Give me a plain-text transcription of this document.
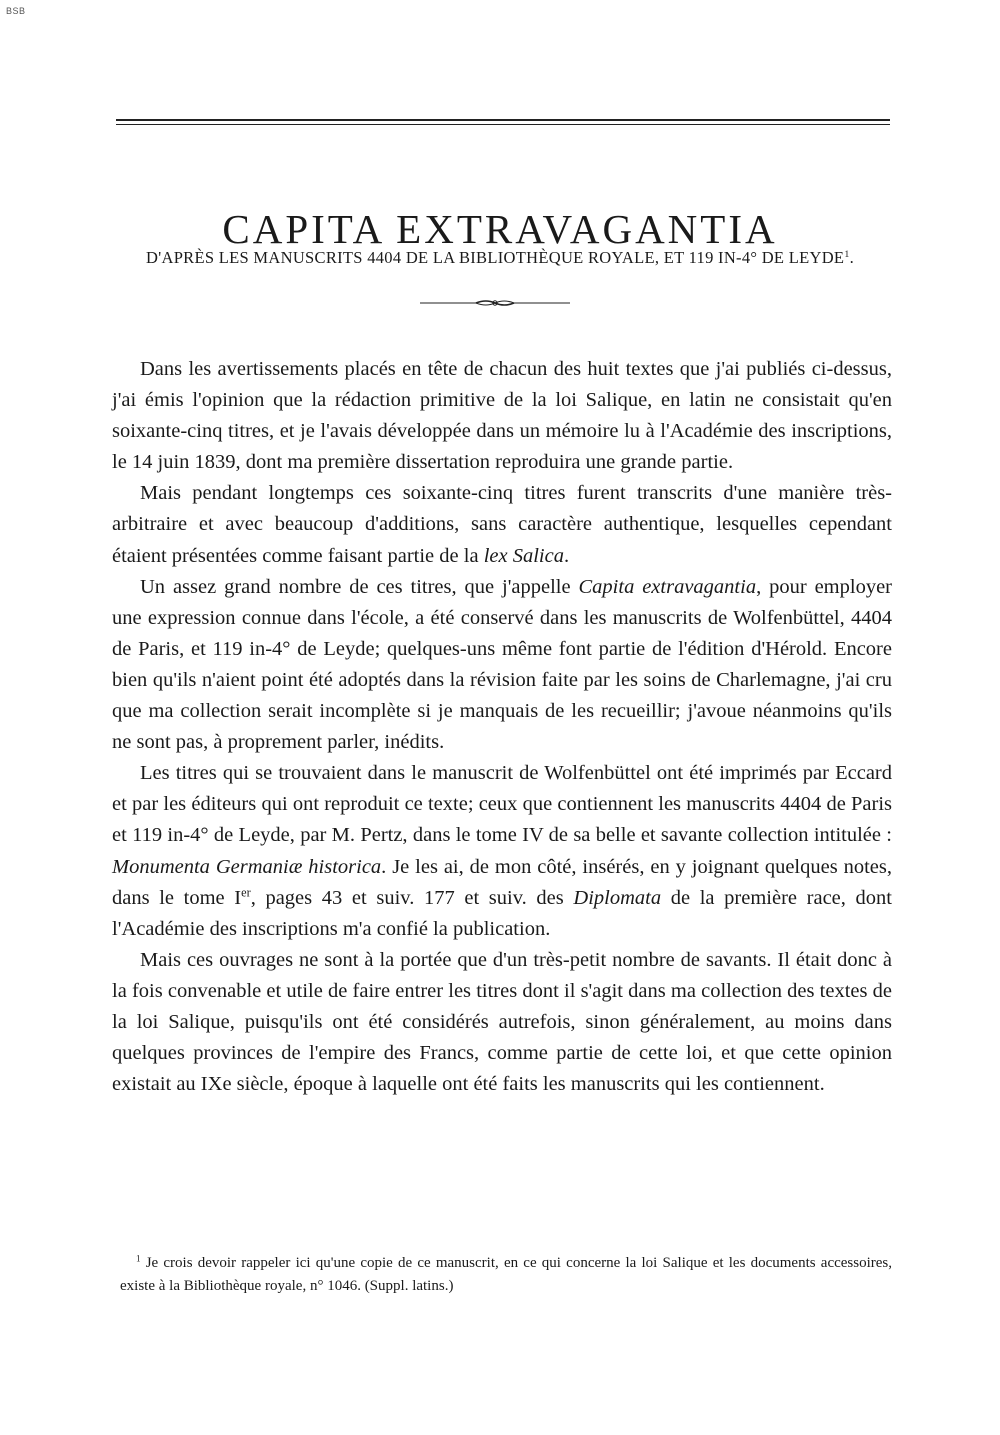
BSB
CAPITA EXTRAVAGANTIA
D'APRÈS LES MANUSCRITS 4404 DE LA BIBLIOTHÈQUE ROYALE, ET 119 IN-4° DE LEYDE$^1$.

Dans les avertissements placés en tête de chacun des huit textes que j'ai publiés ci-dessus, j'ai émis l'opinion que la rédaction primitive de la loi Salique, en latin ne consistait qu'en soixante-cinq titres, et je l'avais développée dans un mémoire lu à l'Académie des inscriptions, le 14 juin 1839, dont ma première dissertation reproduira une grande partie.

Mais pendant longtemps ces soixante-cinq titres furent transcrits d'une manière très-arbitraire et avec beaucoup d'additions, sans caractère authentique, lesquelles cependant étaient présentées comme faisant partie de la lex Salica.

Un assez grand nombre de ces titres, que j'appelle Capita extravagantia, pour employer une expression connue dans l'école, a été conservé dans les manuscrits de Wolfenbüttel, 4404 de Paris, et 119 in-4° de Leyde; quelques-uns même font partie de l'édition d'Hérold. Encore bien qu'ils n'aient point été adoptés dans la révision faite par les soins de Charlemagne, j'ai cru que ma collection serait incomplète si je manquais de les recueillir; j'avoue néanmoins qu'ils ne sont pas, à proprement parler, inédits.

Les titres qui se trouvaient dans le manuscrit de Wolfenbüttel ont été imprimés par Eccard et par les éditeurs qui ont reproduit ce texte; ceux que contiennent les manuscrits 4404 de Paris et 119 in-4° de Leyde, par M. Pertz, dans le tome IV de sa belle et savante collection intitulée : Monumenta Germaniæ historica. Je les ai, de mon côté, insérés, en y joignant quelques notes, dans le tome Ier, pages 43 et suiv. 177 et suiv. des Diplomata de la première race, dont l'Académie des inscriptions m'a confié la publication.

Mais ces ouvrages ne sont à la portée que d'un très-petit nombre de savants. Il était donc à la fois convenable et utile de faire entrer les titres dont il s'agit dans ma collection des textes de la loi Salique, puisqu'ils ont été considérés autrefois, sinon généralement, au moins dans quelques provinces de l'empire des Francs, comme partie de cette loi, et que cette opinion existait au IXe siècle, époque à laquelle ont été faits les manuscrits qui les contiennent.

$^1$ Je crois devoir rappeler ici qu'une copie de ce manuscrit, en ce qui concerne la loi Salique et les documents accessoires, existe à la Bibliothèque royale, n° 1046. (Suppl. latins.)
